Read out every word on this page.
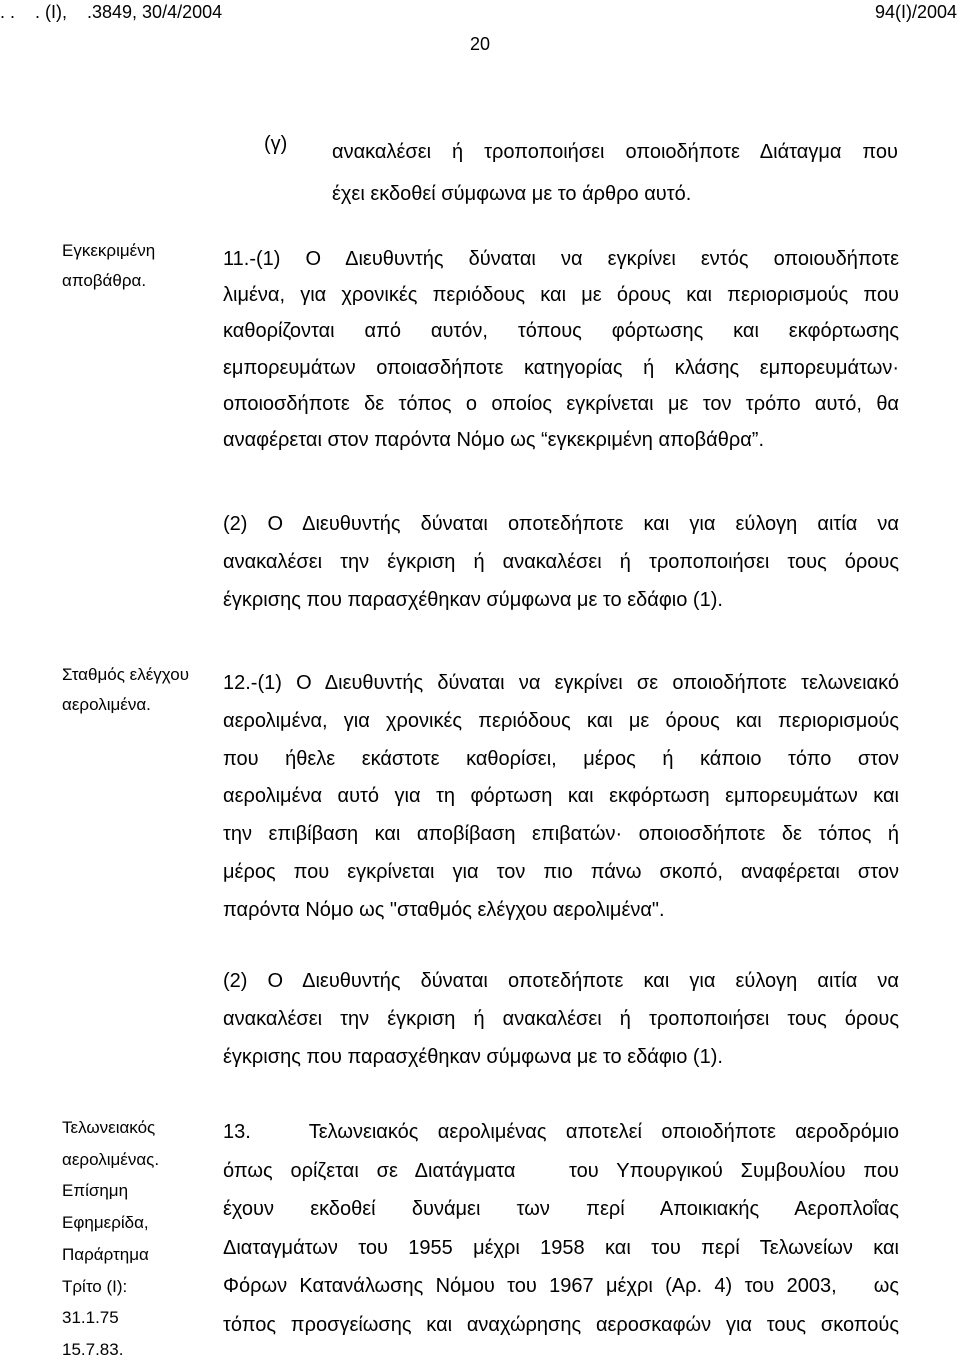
. .    . (Ι),    .3849, 30/4/2004	94(Ι)/2004
20
(γ) ανακαλέσει ή τροποποιήσει οποιοδήποτε Διάταγμα που
έχει εκδοθεί σύμφωνα με το άρθρο αυτό.
Εγκεκριμένη
αποβάθρα.
11.-(1) Ο Διευθυντής δύναται να εγκρίνει εντός οποιουδήποτε
λιμένα, για χρονικές περιόδους και με όρους και περιορισμούς που
καθορίζονται από αυτόν, τόπους φόρτωσης και εκφόρτωσης
εμπορευμάτων οποιασδήποτε κατηγορίας ή κλάσης εμπορευμάτων·
οποιοσδήποτε δε τόπος ο οποίος εγκρίνεται με τον τρόπο αυτό, θα
αναφέρεται στον παρόντα Νόμο ως “εγκεκριμένη αποβάθρα”.
(2) Ο Διευθυντής δύναται οποτεδήποτε και για εύλογη αιτία να
ανακαλέσει την έγκριση ή ανακαλέσει ή τροποποιήσει τους όρους
έγκρισης που παρασχέθηκαν σύμφωνα με το εδάφιο (1).
Σταθμός ελέγχου
αερολιμένα.
12.-(1) Ο Διευθυντής δύναται να εγκρίνει σε οποιοδήποτε τελωνειακό
αερολιμένα, για χρονικές περιόδους και με όρους και περιορισμούς
που ήθελε εκάστοτε καθορίσει, μέρος ή κάποιο τόπο στον
αερολιμένα αυτό για τη φόρτωση και εκφόρτωση εμπορευμάτων και
την επιβίβαση και αποβίβαση επιβατών· οποιοσδήποτε δε τόπος ή
μέρος που εγκρίνεται για τον πιο πάνω σκοπό, αναφέρεται στον
παρόντα Νόμο ως "σταθμός ελέγχου αερολιμένα".
(2) Ο Διευθυντής δύναται οποτεδήποτε και για εύλογη αιτία να
ανακαλέσει την έγκριση ή ανακαλέσει ή τροποποιήσει τους όρους
έγκρισης που παρασχέθηκαν σύμφωνα με το εδάφιο (1).
Τελωνειακός
αερολιμένας.
Επίσημη
Εφημερίδα,
Παράρτημα
Τρίτο (Ι):
31.1.75
15.7.83.
13.   Τελωνειακός αερολιμένας αποτελεί οποιοδήποτε αεροδρόμιο
όπως ορίζεται σε Διατάγματα   του Υπουργικού Συμβουλίου που
έχουν εκδοθεί δυνάμει των περί Αποικιακής Αεροπλοΐας
Διαταγμάτων του 1955 μέχρι 1958 και του περί Τελωνείων και
Φόρων Κατανάλωσης Νόμου του 1967 μέχρι (Αρ. 4) του 2003,   ως
τόπος προσγείωσης και αναχώρησης αεροσκαφών για τους σκοπούς
